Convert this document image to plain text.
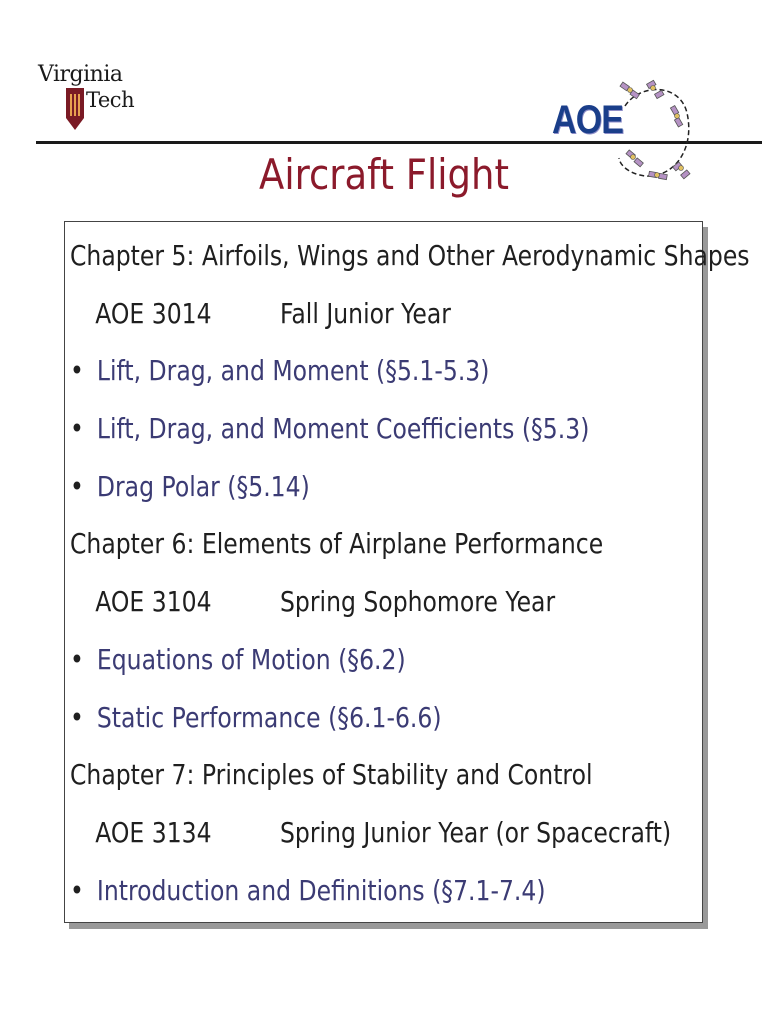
Virginia
Tech	AOE
Aircraft Flight
Chapter 5: Airfoils, Wings and Other Aerodynamic Shapes
AOE 3014 Fall Junior Year
• Lift, Drag, and Moment (§5.1-5.3)
• Lift, Drag, and Moment Coefficients (§5.3)
• Drag Polar (§5.14)
Chapter 6: Elements of Airplane Performance
AOE 3104 Spring Sophomore Year
• Equations of Motion (§6.2)
• Static Performance (§6.1-6.6)
Chapter 7: Principles of Stability and Control
AOE 3134 Spring Junior Year (or Spacecraft)
• Introduction and Definitions (§7.1-7.4)
